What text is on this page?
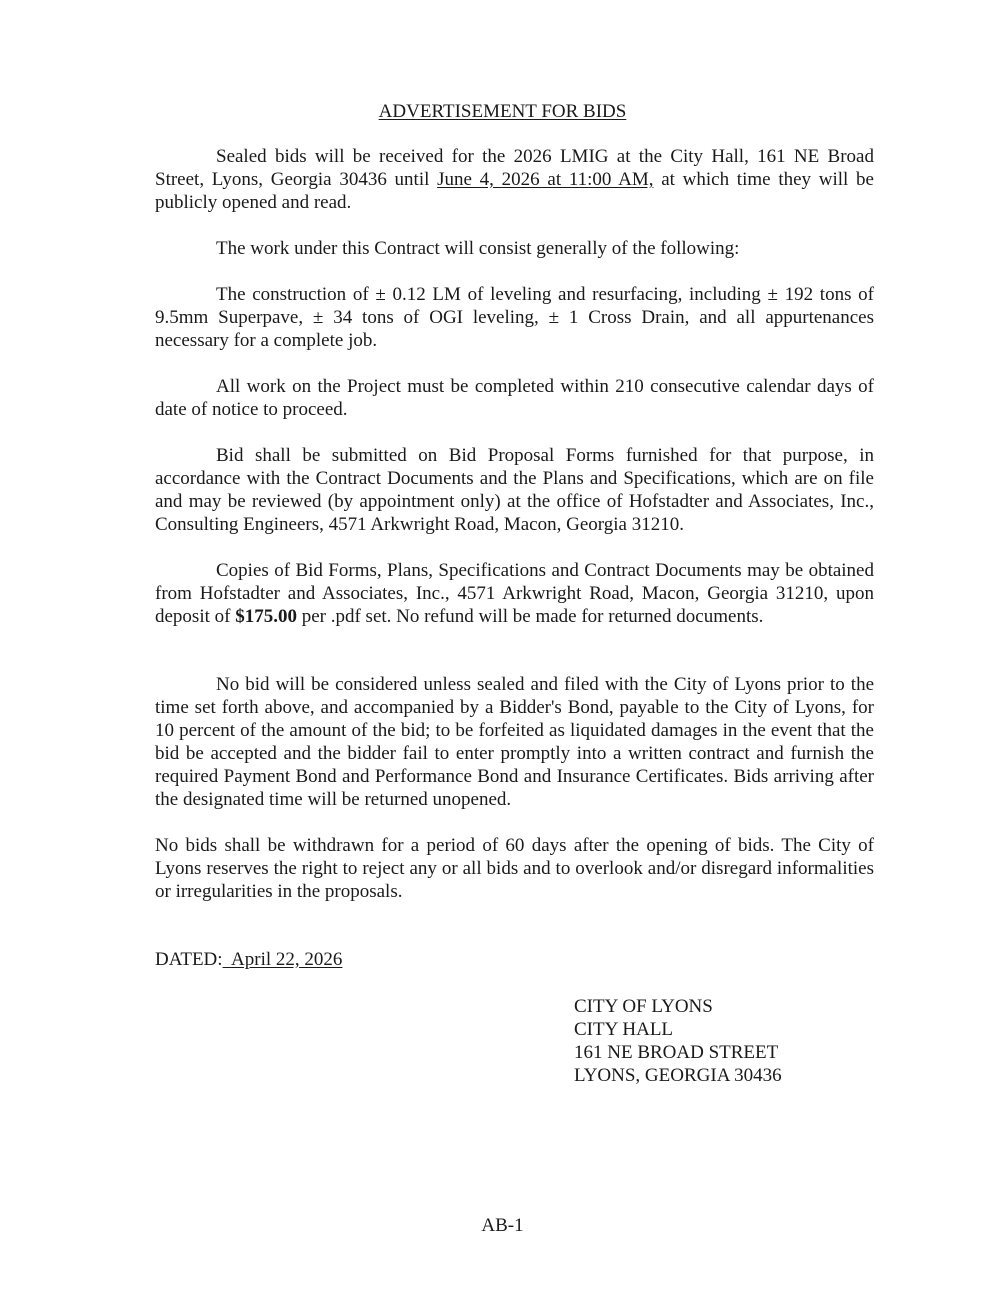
ADVERTISEMENT FOR BIDS

Sealed bids will be received for the 2026 LMIG at the City Hall, 161 NE Broad Street, Lyons, Georgia 30436 until June 4, 2026 at 11:00 AM, at which time they will be publicly opened and read.

The work under this Contract will consist generally of the following:

The construction of ± 0.12 LM of leveling and resurfacing, including ± 192 tons of 9.5mm Superpave, ± 34 tons of OGI leveling, ± 1 Cross Drain, and all appurtenances necessary for a complete job.

All work on the Project must be completed within 210 consecutive calendar days of date of notice to proceed.

Bid shall be submitted on Bid Proposal Forms furnished for that purpose, in accordance with the Contract Documents and the Plans and Specifications, which are on file and may be reviewed (by appointment only) at the office of Hofstadter and Associates, Inc., Consulting Engineers, 4571 Arkwright Road, Macon, Georgia 31210.

Copies of Bid Forms, Plans, Specifications and Contract Documents may be obtained from Hofstadter and Associates, Inc., 4571 Arkwright Road, Macon, Georgia 31210, upon deposit of $175.00 per .pdf set. No refund will be made for returned documents.

No bid will be considered unless sealed and filed with the City of Lyons prior to the time set forth above, and accompanied by a Bidder's Bond, payable to the City of Lyons, for 10 percent of the amount of the bid; to be forfeited as liquidated damages in the event that the bid be accepted and the bidder fail to enter promptly into a written contract and furnish the required Payment Bond and Performance Bond and Insurance Certificates. Bids arriving after the designated time will be returned unopened.

No bids shall be withdrawn for a period of 60 days after the opening of bids. The City of Lyons reserves the right to reject any or all bids and to overlook and/or disregard informalities or irregularities in the proposals.

DATED:  April 22, 2026
CITY OF LYONS
CITY HALL
161 NE BROAD STREET
LYONS, GEORGIA 30436
AB-1
